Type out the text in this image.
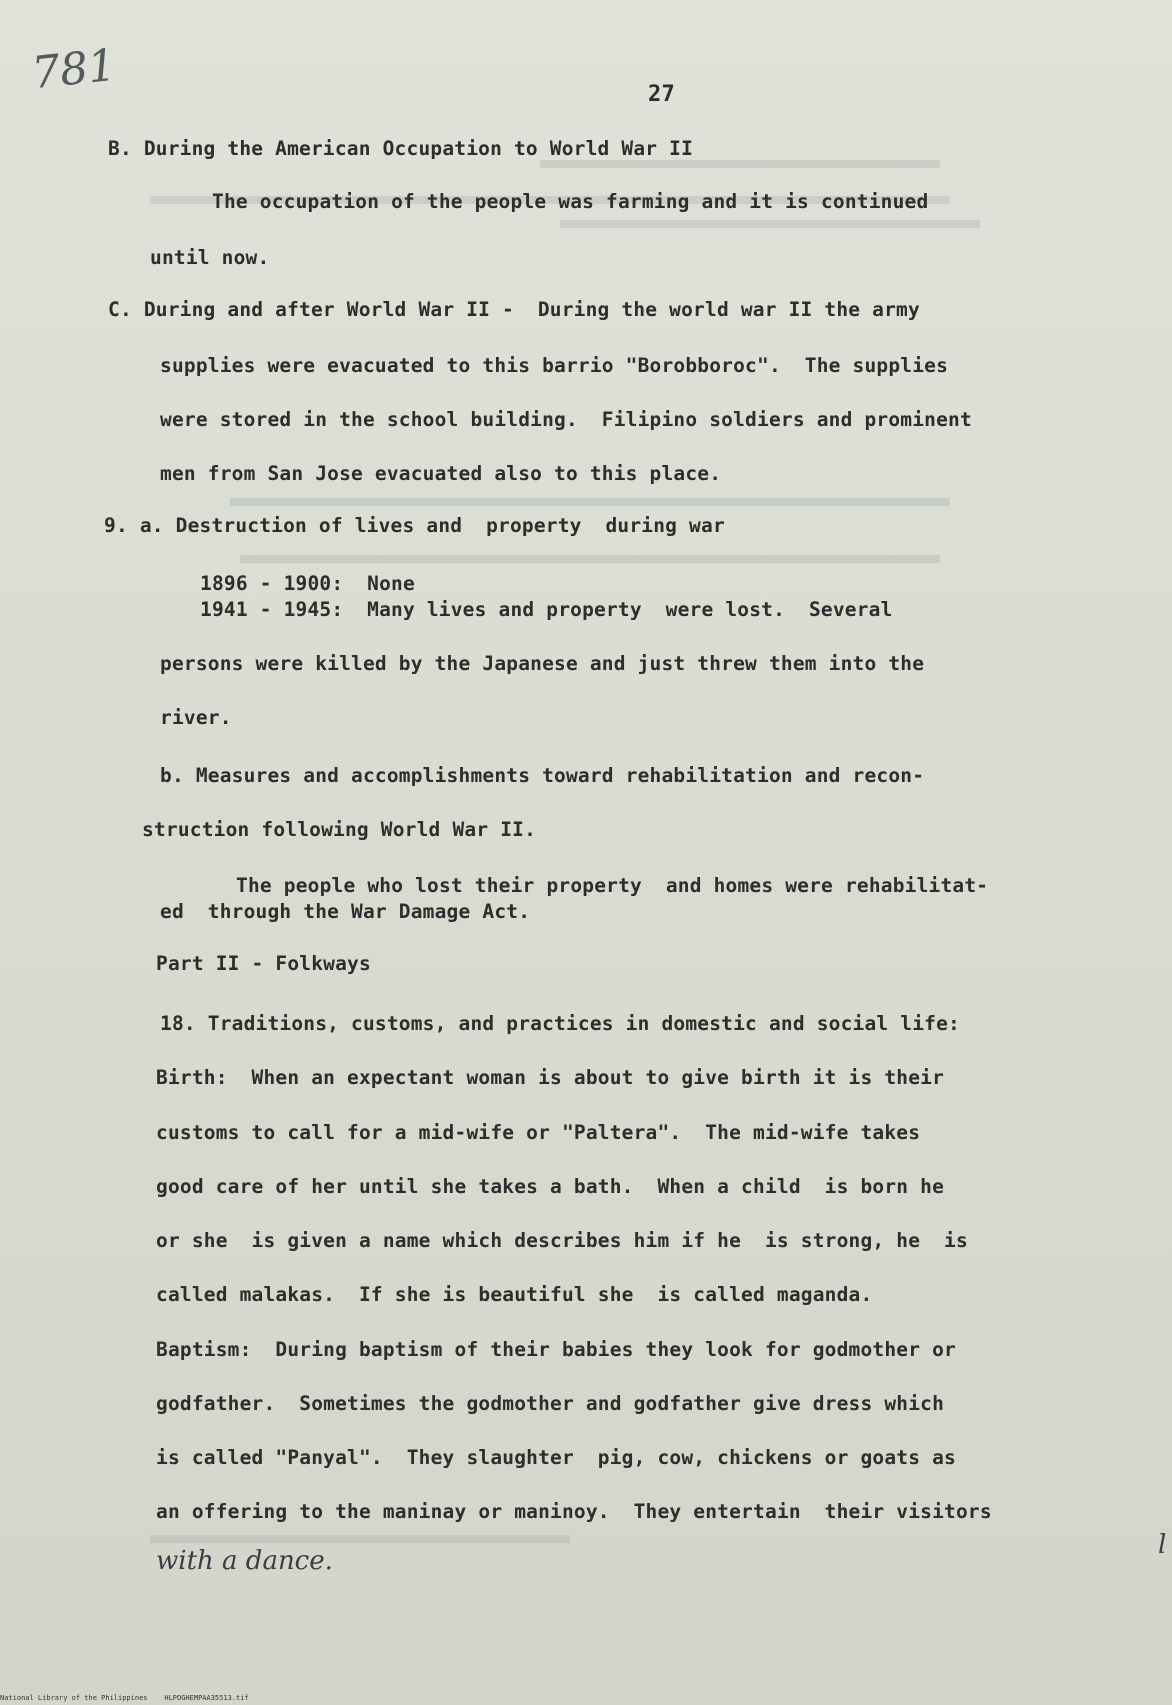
781	27
B. During the American Occupation to World War II
The occupation of the people was farming and it is continued
until now.
C. During and after World War II -  During the world war II the army
supplies were evacuated to this barrio "Borobboroc".  The supplies
were stored in the school building.  Filipino soldiers and prominent
men from San Jose evacuated also to this place.
9. a. Destruction of lives and  property  during war
1896 - 1900:  None
1941 - 1945:  Many lives and property  were lost.  Several
persons were killed by the Japanese and just threw them into the
river.
b. Measures and accomplishments toward rehabilitation and recon-
struction following World War II.
The people who lost their property  and homes were rehabilitat-
ed  through the War Damage Act.
Part II - Folkways
18. Traditions, customs, and practices in domestic and social life:
Birth:  When an expectant woman is about to give birth it is their
customs to call for a mid-wife or "Paltera".  The mid-wife takes
good care of her until she takes a bath.  When a child  is born he
or she  is given a name which describes him if he  is strong, he  is
called malakas.  If she is beautiful she  is called maganda.
Baptism:  During baptism of their babies they look for godmother or
godfather.  Sometimes the godmother and godfather give dress which
is called "Panyal".  They slaughter  pig, cow, chickens or goats as
an offering to the maninay or maninoy.  They entertain  their visitors
with a dance.
l
National Library of the Philippines    HLPOGHEMPAA35513.tif
